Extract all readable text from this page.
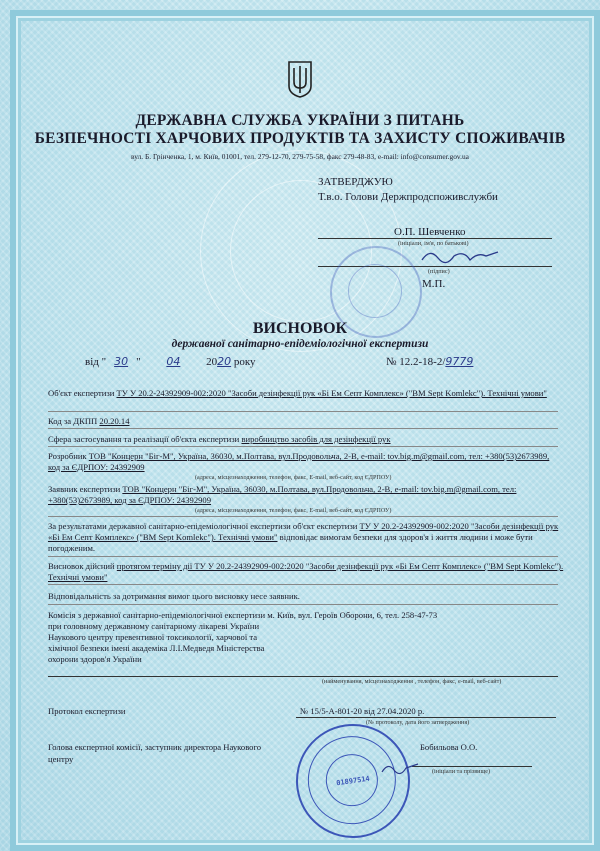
ДЕРЖАВНА СЛУЖБА УКРАЇНИ З ПИТАНЬ
БЕЗПЕЧНОСТІ ХАРЧОВИХ ПРОДУКТІВ ТА ЗАХИСТУ СПОЖИВАЧІВ
вул. Б. Грінченка, 1, м. Київ, 01001, тел. 279-12-70, 279-75-58, факс 279-48-83, e-mail: info@consumer.gov.ua
ЗАТВЕРДЖУЮ
Т.в.о. Голови Держпродспоживслужби
О.П. Шевченко
(ініціали, ім'я, по батькові)
(підпис)
М.П.
ВИСНОВОК
державної санітарно-епідеміологічної експертизи
від " 30 " 04 2020 року	№ 12.2-18-2/9779
Об'єкт експертизи ТУ У 20.2-24392909-002:2020 "Засоби дезінфекції рук «Бі Ем Септ Комплекс» ("BM Sept Komlekc"). Технічні умови"
Код за ДКПП 20.20.14
Сфера застосування та реалізації об'єкта експертизи виробництво засобів для дезінфекції рук
Розробник ТОВ "Концерн "Біг-М", Україна, 36030, м.Полтава, вул.Продовольча, 2-В, e-mail: tov.big.m@gmail.com, тел: +380(53)2673989, код за ЄДРПОУ: 24392909
(адреса, місцезнаходження, телефон, факс, E-mail, веб-сайт, код ЄДРПОУ)
Заявник експертизи ТОВ "Концерн "Біг-М", Україна, 36030, м.Полтава, вул.Продовольча, 2-В, e-mail: tov.big.m@gmail.com, тел: +380(53)2673989, код за ЄДРПОУ: 24392909
(адреса, місцезнаходження, телефон, факс, E-mail, веб-сайт, код ЄДРПОУ)
За результатами державної санітарно-епідеміологічної експертизи об'єкт експертизи ТУ У 20.2-24392909-002:2020 "Засоби дезінфекції рук «Бі Ем Септ Комплекс» ("BM Sept Komlekc"). Технічні умови" відповідає вимогам безпеки для здоров'я і життя людини і може бути погодженим.
Висновок дійсний протягом терміну дії ТУ У 20.2-24392909-002:2020 "Засоби дезінфекції рук «Бі Ем Септ Комплекс» ("BM Sept Komlekc"). Технічні умови"
Відповідальність за дотримання вимог цього висновку несе заявник.
Комісія з державної санітарно-епідеміологічної експертизи м. Київ, вул. Героїв Оборони, 6, тел. 258-47-73
при головному державному санітарному лікареві України
Наукового центру превентивної токсикології, харчової та
хімічної безпеки імені академіка Л.І.Медведя Міністерства
охорони здоров'я України
(найменування, місцезнаходження , телефон, факс, e-mail, веб-сайт)
Протокол експертизи	№ 15/5-А-801-20 від 27.04.2020 р.
(№ протоколу, дата його затвердження)
Голова експертної комісії, заступник директора Наукового
центру
Бобильова О.О.
(ініціали та прізвище)
01897514
